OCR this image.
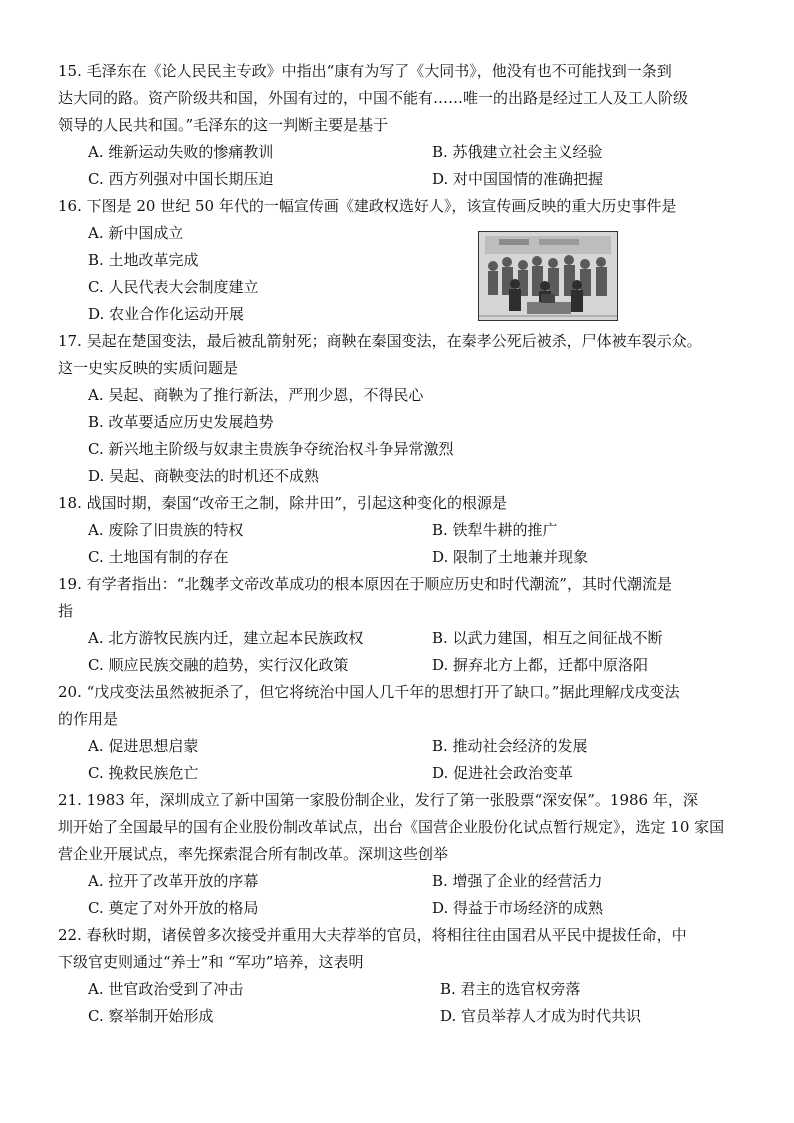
15. 毛泽东在《论人民民主专政》中指出“康有为写了《大同书》，他没有也不可能找到一条到
达大同的路。资产阶级共和国，外国有过的，中国不能有……唯一的出路是经过工人及工人阶级
领导的人民共和国。”毛泽东的这一判断主要是基于
A. 维新运动失败的惨痛教训	B. 苏俄建立社会主义经验
C. 西方列强对中国长期压迫	D. 对中国国情的准确把握
16. 下图是 20 世纪 50 年代的一幅宣传画《建政权选好人》，该宣传画反映的重大历史事件是
A. 新中国成立
B. 土地改革完成
C. 人民代表大会制度建立
D. 农业合作化运动开展
17. 吴起在楚国变法，最后被乱箭射死；商鞅在秦国变法，在秦孝公死后被杀，尸体被车裂示众。
这一史实反映的实质问题是
A. 吴起、商鞅为了推行新法，严刑少恩，不得民心
B. 改革要适应历史发展趋势
C. 新兴地主阶级与奴隶主贵族争夺统治权斗争异常激烈
D. 吴起、商鞅变法的时机还不成熟
18. 战国时期，秦国“改帝王之制，除井田”，引起这种变化的根源是
A. 废除了旧贵族的特权	B. 铁犁牛耕的推广
C. 土地国有制的存在	D. 限制了土地兼并现象
19. 有学者指出：“北魏孝文帝改革成功的根本原因在于顺应历史和时代潮流”，其时代潮流是
指
A. 北方游牧民族内迁，建立起本民族政权	B. 以武力建国，相互之间征战不断
C. 顺应民族交融的趋势，实行汉化政策	D. 摒弃北方上都，迁都中原洛阳
20. “戊戌变法虽然被扼杀了，但它将统治中国人几千年的思想打开了缺口。”据此理解戊戌变法
的作用是
A. 促进思想启蒙	B. 推动社会经济的发展
C. 挽救民族危亡	D. 促进社会政治变革
21. 1983 年，深圳成立了新中国第一家股份制企业，发行了第一张股票“深安保”。1986 年，深
圳开始了全国最早的国有企业股份制改革试点，出台《国营企业股份化试点暂行规定》，选定 10 家国
营企业开展试点，率先探索混合所有制改革。深圳这些创举
A. 拉开了改革开放的序幕	B. 增强了企业的经营活力
C. 奠定了对外开放的格局	D. 得益于市场经济的成熟
22. 春秋时期，诸侯曾多次接受并重用大夫荐举的官员，将相往往由国君从平民中提拔任命，中
下级官吏则通过“养士”和 “军功”培养，这表明
A. 世官政治受到了冲击	B. 君主的选官权旁落
C. 察举制开始形成	D. 官员举荐人才成为时代共识
